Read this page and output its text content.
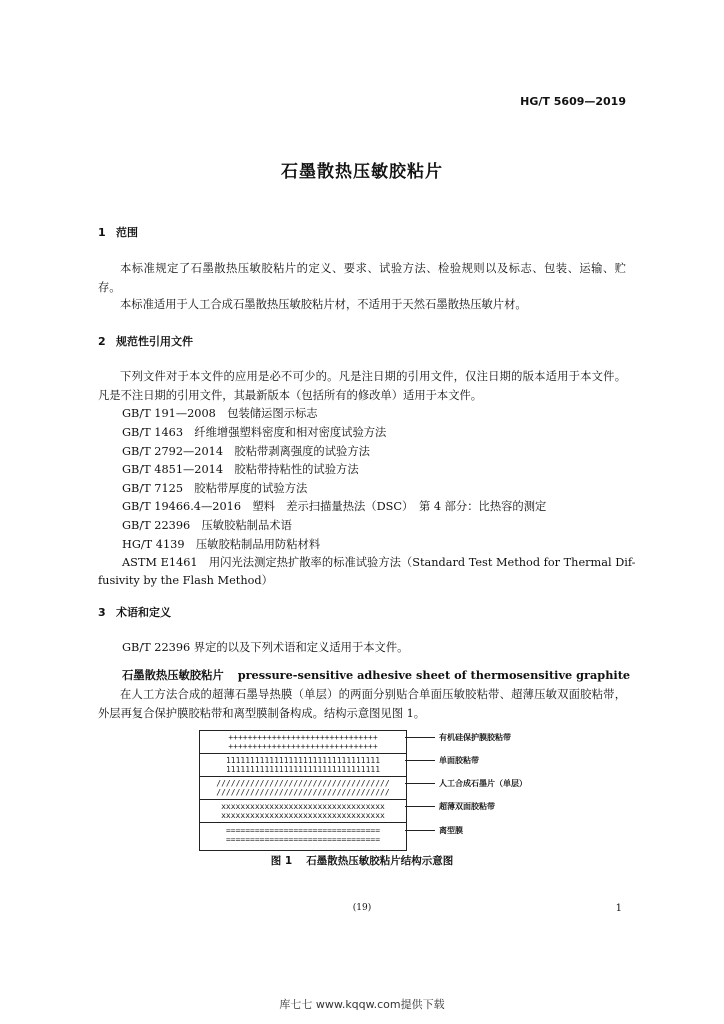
HG/T 5609—2019
石墨散热压敏胶粘片
1 范围
本标准规定了石墨散热压敏胶粘片的定义、要求、试验方法、检验规则以及标志、包装、运输、贮存。
本标准适用于人工合成石墨散热压敏胶粘片材，不适用于天然石墨散热压敏片材。
2 规范性引用文件
下列文件对于本文件的应用是必不可少的。凡是注日期的引用文件，仅注日期的版本适用于本文件。凡是不注日期的引用文件，其最新版本（包括所有的修改单）适用于本文件。
GB/T 191—2008　包装储运图示标志
GB/T 1463　纤维增强塑料密度和相对密度试验方法
GB/T 2792—2014　胶粘带剥离强度的试验方法
GB/T 4851—2014　胶粘带持粘性的试验方法
GB/T 7125　胶粘带厚度的试验方法
GB/T 19466.4—2016　塑料　差示扫描量热法（DSC）　第 4 部分：比热容的测定
GB/T 22396　压敏胶粘制品术语
HG/T 4139　压敏胶粘制品用防粘材料
ASTM E1461　用闪光法测定热扩散率的标准试验方法（Standard Test Method for Thermal Dif-
fusivity by the Flash Method）
3 术语和定义
GB/T 22396 界定的以及下列术语和定义适用于本文件。
石墨散热压敏胶粘片 pressure-sensitive adhesive sheet of thermosensitive graphite
在人工方法合成的超薄石墨导热膜（单层）的两面分别贴合单面压敏胶粘带、超薄压敏双面胶粘带，外层再复合保护膜胶粘带和离型膜制备构成。结构示意图见图 1。
+++++++++++++++++++++++++++++++
+++++++++++++++++++++++++++++++
11111111111111111111111111111111
11111111111111111111111111111111
////////////////////////////////////
////////////////////////////////////
xxxxxxxxxxxxxxxxxxxxxxxxxxxxxxxxxx
xxxxxxxxxxxxxxxxxxxxxxxxxxxxxxxxxx
================================
================================
有机硅保护膜胶粘带
单面胶粘带
人工合成石墨片（单层）
超薄双面胶粘带
离型膜
图 1 石墨散热压敏胶粘片结构示意图
(19)	1
库七七 www.kqqw.com提供下载
